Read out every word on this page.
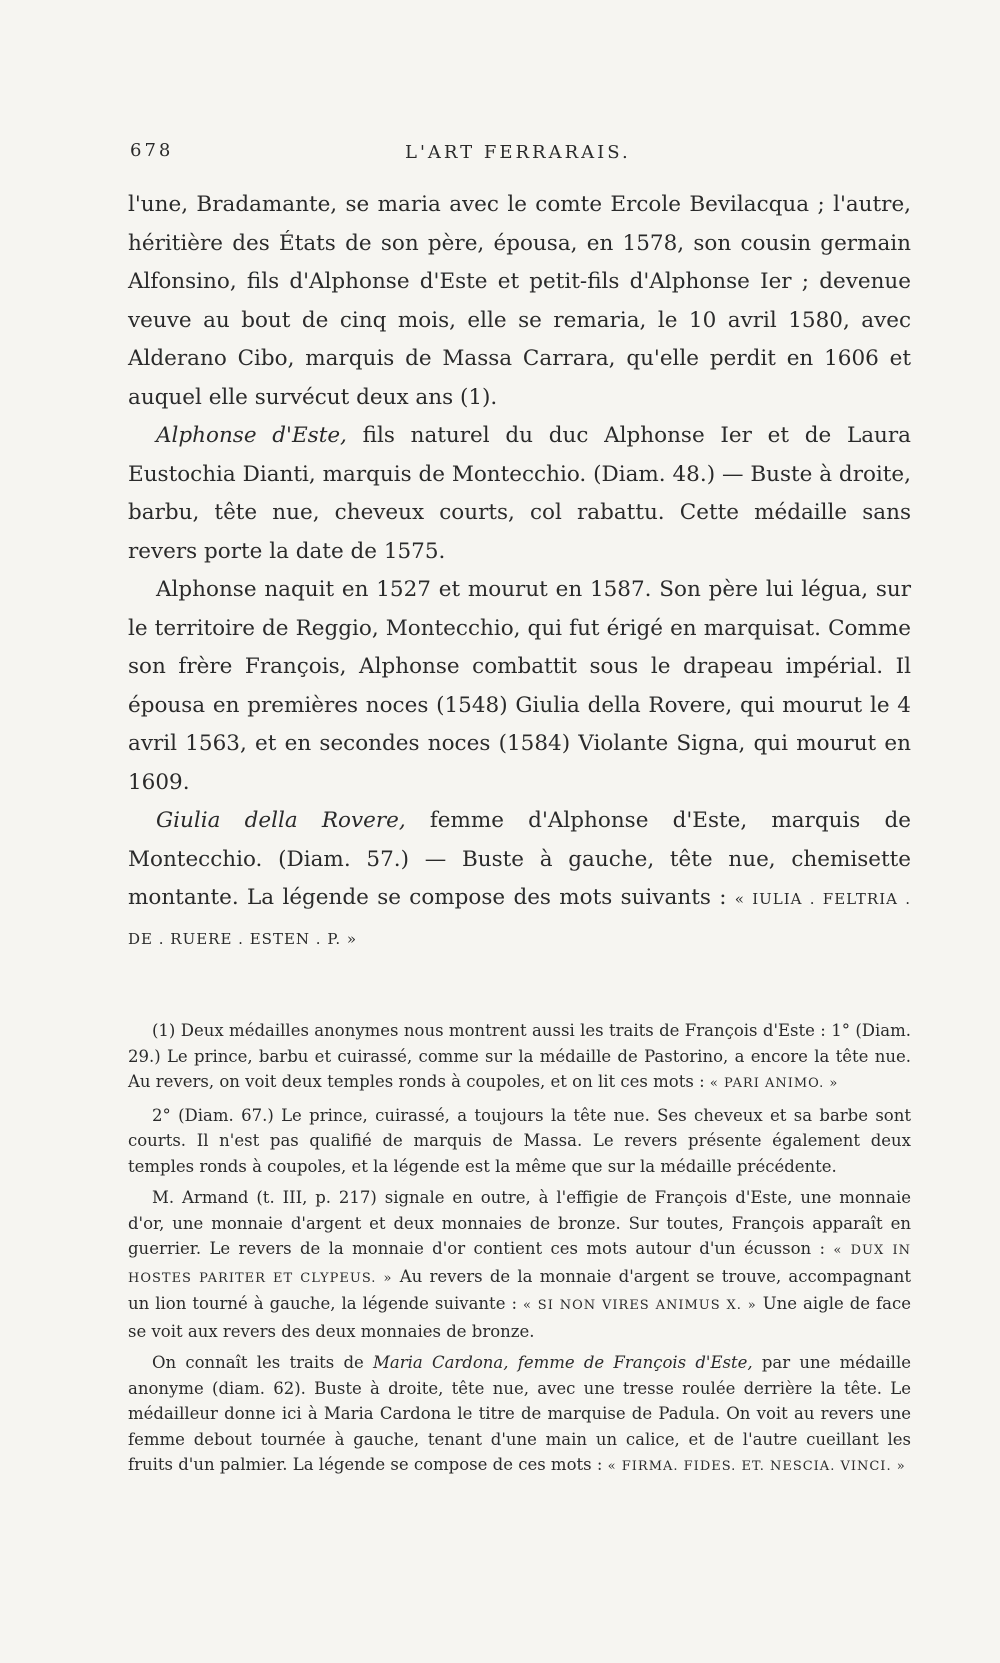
678	L'ART FERRARAIS.

l'une, Bradamante, se maria avec le comte Ercole Bevilacqua ; l'autre, héritière des États de son père, épousa, en 1578, son cousin germain Alfonsino, fils d'Alphonse d'Este et petit-fils d'Alphonse Ier ; devenue veuve au bout de cinq mois, elle se remaria, le 10 avril 1580, avec Alderano Cibo, marquis de Massa Carrara, qu'elle perdit en 1606 et auquel elle survécut deux ans (1).

Alphonse d'Este, fils naturel du duc Alphonse Ier et de Laura Eustochia Dianti, marquis de Montecchio. (Diam. 48.) — Buste à droite, barbu, tête nue, cheveux courts, col rabattu. Cette médaille sans revers porte la date de 1575.

Alphonse naquit en 1527 et mourut en 1587. Son père lui légua, sur le territoire de Reggio, Montecchio, qui fut érigé en marquisat. Comme son frère François, Alphonse combattit sous le drapeau impérial. Il épousa en premières noces (1548) Giulia della Rovere, qui mourut le 4 avril 1563, et en secondes noces (1584) Violante Signa, qui mourut en 1609.

Giulia della Rovere, femme d'Alphonse d'Este, marquis de Montecchio. (Diam. 57.) — Buste à gauche, tête nue, chemisette montante. La légende se compose des mots suivants : « IULIA . FELTRIA . DE . RUERE . ESTEN . P. »

(1) Deux médailles anonymes nous montrent aussi les traits de François d'Este : 1° (Diam. 29.) Le prince, barbu et cuirassé, comme sur la médaille de Pastorino, a encore la tête nue. Au revers, on voit deux temples ronds à coupoles, et on lit ces mots : « PARI ANIMO. »

2° (Diam. 67.) Le prince, cuirassé, a toujours la tête nue. Ses cheveux et sa barbe sont courts. Il n'est pas qualifié de marquis de Massa. Le revers présente également deux temples ronds à coupoles, et la légende est la même que sur la médaille précédente.

M. Armand (t. III, p. 217) signale en outre, à l'effigie de François d'Este, une monnaie d'or, une monnaie d'argent et deux monnaies de bronze. Sur toutes, François apparaît en guerrier. Le revers de la monnaie d'or contient ces mots autour d'un écusson : « DUX IN HOSTES PARITER ET CLYPEUS. » Au revers de la monnaie d'argent se trouve, accompagnant un lion tourné à gauche, la légende suivante : « SI NON VIRES ANIMUS X. » Une aigle de face se voit aux revers des deux monnaies de bronze.

On connaît les traits de Maria Cardona, femme de François d'Este, par une médaille anonyme (diam. 62). Buste à droite, tête nue, avec une tresse roulée derrière la tête. Le médailleur donne ici à Maria Cardona le titre de marquise de Padula. On voit au revers une femme debout tournée à gauche, tenant d'une main un calice, et de l'autre cueillant les fruits d'un palmier. La légende se compose de ces mots : « FIRMA. FIDES. ET. NESCIA. VINCI. »
